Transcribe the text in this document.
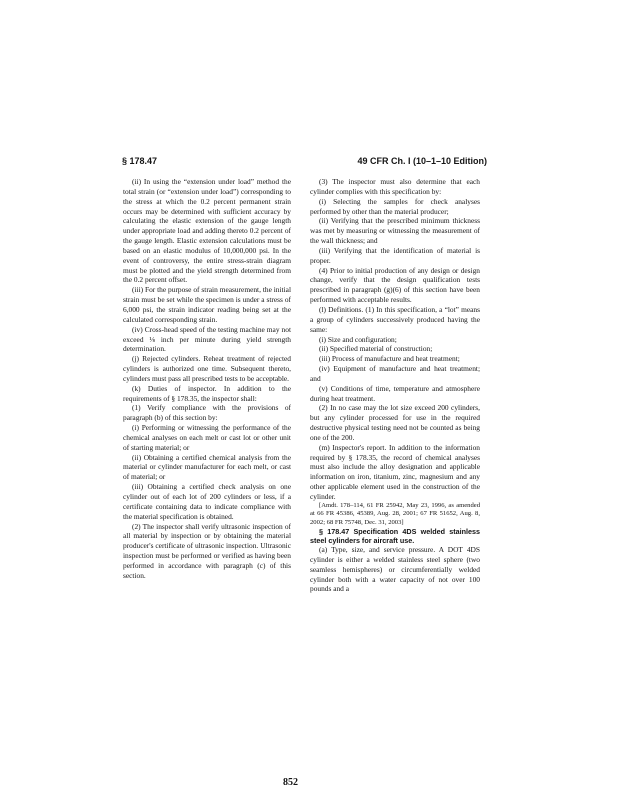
§ 178.47	49 CFR Ch. I (10–1–10 Edition)

(ii) In using the “extension under load” method the total strain (or “extension under load”) corresponding to the stress at which the 0.2 percent permanent strain occurs may be determined with sufficient accuracy by calculating the elastic extension of the gauge length under appropriate load and adding thereto 0.2 percent of the gauge length. Elastic extension calculations must be based on an elastic modulus of 10,000,000 psi. In the event of controversy, the entire stress-strain diagram must be plotted and the yield strength determined from the 0.2 percent offset.

(iii) For the purpose of strain measurement, the initial strain must be set while the specimen is under a stress of 6,000 psi, the strain indicator reading being set at the calculated corresponding strain.

(iv) Cross-head speed of the testing machine may not exceed ⅛ inch per minute during yield strength determination.

(j) Rejected cylinders. Reheat treatment of rejected cylinders is authorized one time. Subsequent thereto, cylinders must pass all prescribed tests to be acceptable.

(k) Duties of inspector. In addition to the requirements of § 178.35, the inspector shall:

(1) Verify compliance with the provisions of paragraph (b) of this section by:

(i) Performing or witnessing the performance of the chemical analyses on each melt or cast lot or other unit of starting material; or

(ii) Obtaining a certified chemical analysis from the material or cylinder manufacturer for each melt, or cast of material; or

(iii) Obtaining a certified check analysis on one cylinder out of each lot of 200 cylinders or less, if a certificate containing data to indicate compliance with the material specification is obtained.

(2) The inspector shall verify ultrasonic inspection of all material by inspection or by obtaining the material producer's certificate of ultrasonic inspection. Ultrasonic inspection must be performed or verified as having been performed in accordance with paragraph (c) of this section.

(3) The inspector must also determine that each cylinder complies with this specification by:

(i) Selecting the samples for check analyses performed by other than the material producer;

(ii) Verifying that the prescribed minimum thickness was met by measuring or witnessing the measurement of the wall thickness; and

(iii) Verifying that the identification of material is proper.

(4) Prior to initial production of any design or design change, verify that the design qualification tests prescribed in paragraph (g)(6) of this section have been performed with acceptable results.

(l) Definitions. (1) In this specification, a “lot” means a group of cylinders successively produced having the same:

(i) Size and configuration;

(ii) Specified material of construction;

(iii) Process of manufacture and heat treatment;

(iv) Equipment of manufacture and heat treatment; and

(v) Conditions of time, temperature and atmosphere during heat treatment.

(2) In no case may the lot size exceed 200 cylinders, but any cylinder processed for use in the required destructive physical testing need not be counted as being one of the 200.

(m) Inspector's report. In addition to the information required by § 178.35, the record of chemical analyses must also include the alloy designation and applicable information on iron, titanium, zinc, magnesium and any other applicable element used in the construction of the cylinder.

[Amdt. 178–114, 61 FR 25942, May 23, 1996, as amended at 66 FR 45386, 45389, Aug. 28, 2001; 67 FR 51652, Aug. 8, 2002; 68 FR 75748, Dec. 31, 2003]

§ 178.47 Specification 4DS welded stainless steel cylinders for aircraft use.

(a) Type, size, and service pressure. A DOT 4DS cylinder is either a welded stainless steel sphere (two seamless hemispheres) or circumferentially welded cylinder both with a water capacity of not over 100 pounds and a

852
